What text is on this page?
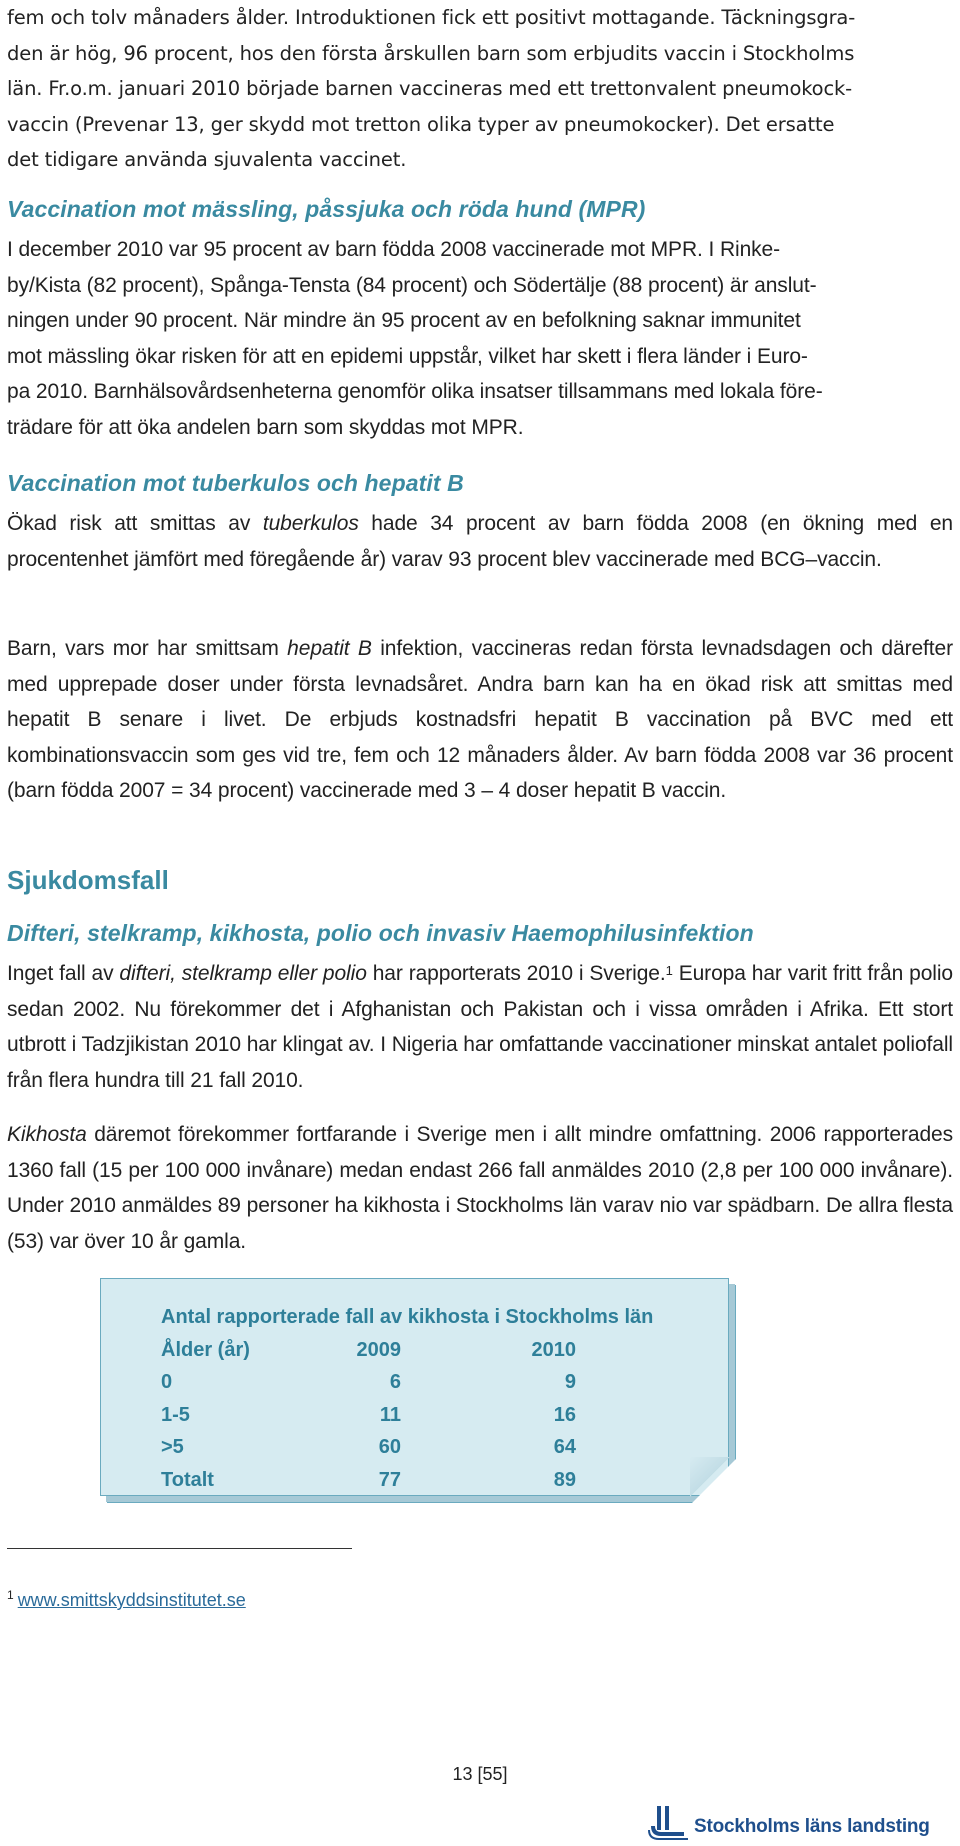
fem och tolv månaders ålder. Introduktionen fick ett positivt mottagande. Täckningsgra-
den är hög, 96 procent, hos den första årskullen barn som erbjudits vaccin i Stockholms
län. Fr.o.m. januari 2010 började barnen vaccineras med ett trettonvalent pneumokock-
vaccin (Prevenar 13, ger skydd mot tretton olika typer av pneumokocker). Det ersatte
det tidigare använda sjuvalenta vaccinet.
Vaccination mot mässling, påssjuka och röda hund (MPR)
I december 2010 var 95 procent av barn födda 2008 vaccinerade mot MPR. I Rinke-
by/Kista (82 procent), Spånga-Tensta (84 procent) och Södertälje (88 procent) är anslut-
ningen under 90 procent. När mindre än 95 procent av en befolkning saknar immunitet
mot mässling ökar risken för att en epidemi uppstår, vilket har skett i flera länder i Euro-
pa 2010. Barnhälsovårdsenheterna genomför olika insatser tillsammans med lokala före-
trädare för att öka andelen barn som skyddas mot MPR.
Vaccination mot tuberkulos och hepatit B

Ökad risk att smittas av tuberkulos hade 34 procent av barn födda 2008 (en ökning med en procentenhet jämfört med föregående år) varav 93 procent blev vaccinerade med BCG–vaccin.

Barn, vars mor har smittsam hepatit B infektion, vaccineras redan första levnadsdagen och därefter med upprepade doser under första levnadsåret. Andra barn kan ha en ökad risk att smittas med hepatit B senare i livet. De erbjuds kostnadsfri hepatit B vaccination på BVC med ett kombinationsvaccin som ges vid tre, fem och 12 månaders ålder. Av barn födda 2008 var 36 procent (barn födda 2007 = 34 procent) vaccinerade med 3 – 4 doser hepatit B vaccin.

Sjukdomsfall
Difteri, stelkramp, kikhosta, polio och invasiv Haemophilusinfektion

Inget fall av difteri, stelkramp eller polio har rapporterats 2010 i Sverige.$^1$ Europa har varit fritt från polio sedan 2002. Nu förekommer det i Afghanistan och Pakistan och i vissa områden i Afrika. Ett stort utbrott i Tadzjikistan 2010 har klingat av. I Nigeria har omfattande vaccinationer minskat antalet poliofall från flera hundra till 21 fall 2010.

Kikhosta däremot förekommer fortfarande i Sverige men i allt mindre omfattning. 2006 rapporterades 1360 fall (15 per 100 000 invånare) medan endast 266 fall anmäldes 2010 (2,8 per 100 000 invånare). Under 2010 anmäldes 89 personer ha kikhosta i Stockholms län varav nio var spädbarn. De allra flesta (53) var över 10 år gamla.

Antal rapporterade fall av kikhosta i Stockholms län
Ålder (år)	2009	2010
0	6	9
1-5	11	16
>5	60	64
Totalt	77	89
$^1$ www.smittskyddsinstitutet.se
13 [55]
Stockholms läns landsting
